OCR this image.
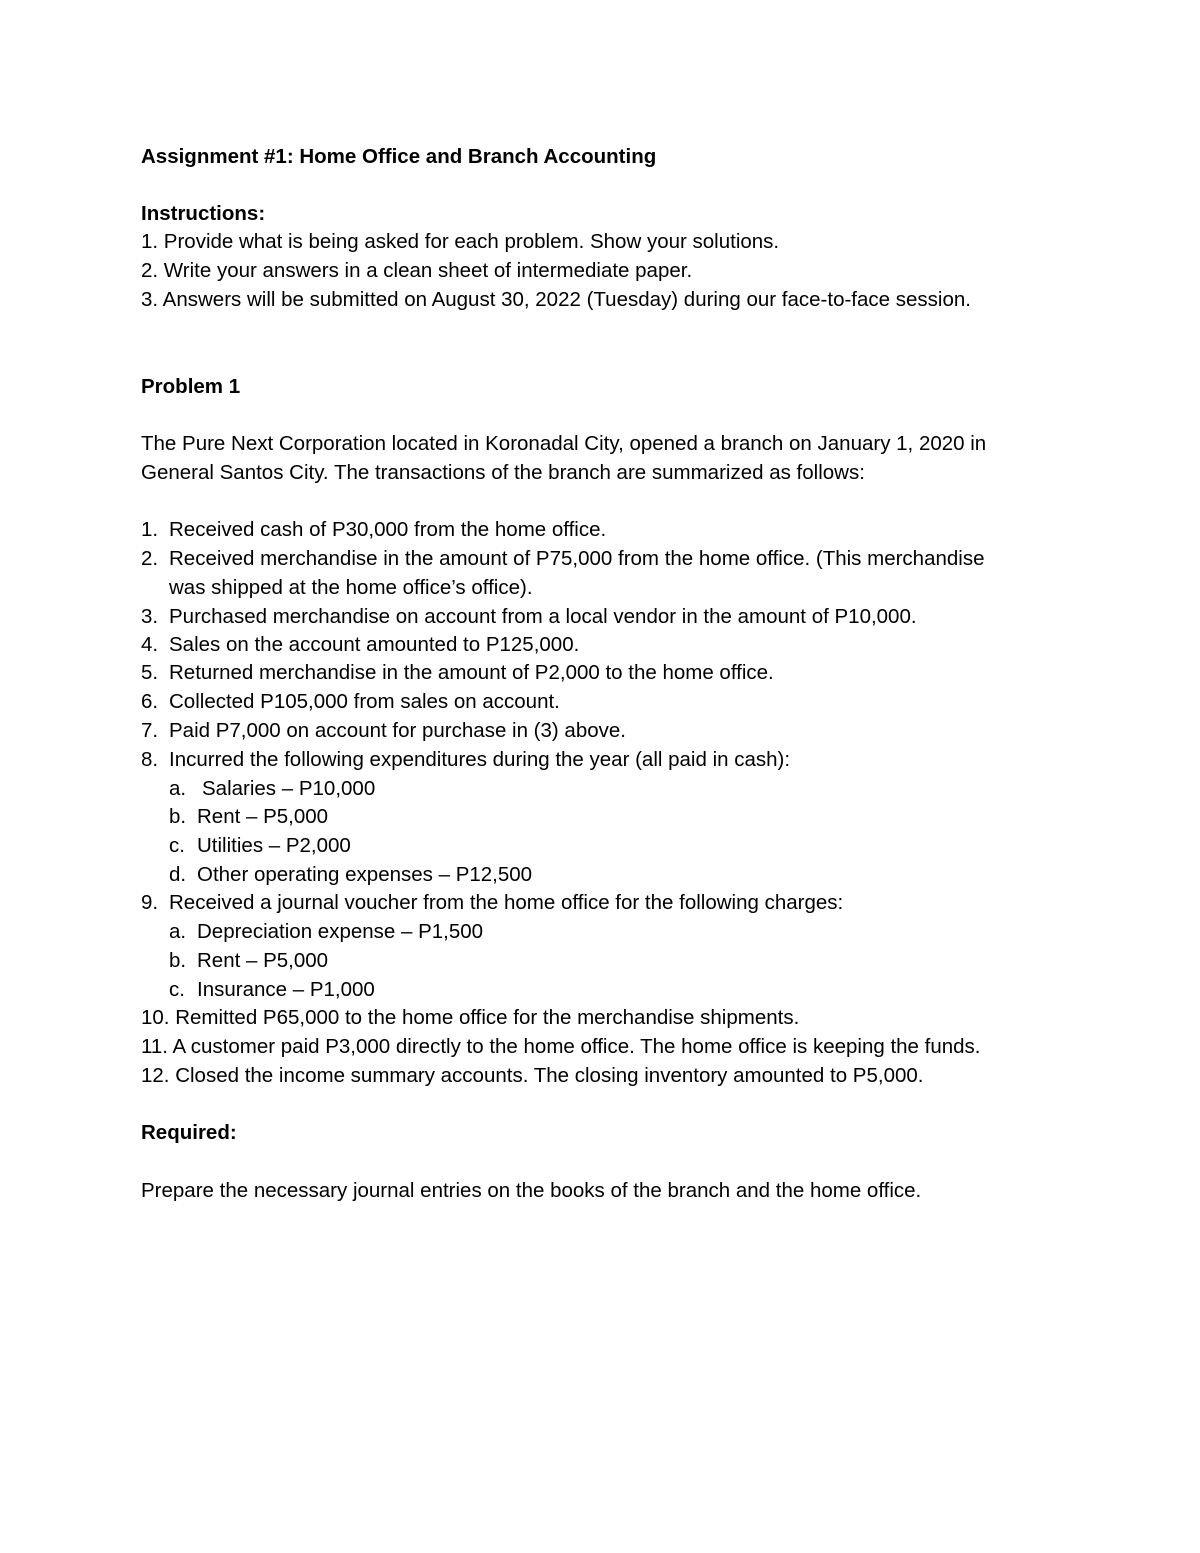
Assignment #1: Home Office and Branch Accounting

Instructions:

1. Provide what is being asked for each problem. Show your solutions.

2. Write your answers in a clean sheet of intermediate paper.

3. Answers will be submitted on August 30, 2022 (Tuesday) during our face-to-face session.

Problem 1

The Pure Next Corporation located in Koronadal City, opened a branch on January 1, 2020 in

General Santos City. The transactions of the branch are summarized as follows:

1. Received cash of P30,000 from the home office.
2. Received merchandise in the amount of P75,000 from the home office. (This merchandise
was shipped at the home office’s office).
3. Purchased merchandise on account from a local vendor in the amount of P10,000.
4. Sales on the account amounted to P125,000.
5. Returned merchandise in the amount of P2,000 to the home office.
6. Collected P105,000 from sales on account.
7. Paid P7,000 on account for purchase in (3) above.
8. Incurred the following expenditures during the year (all paid in cash):
a. Salaries – P10,000
b. Rent – P5,000
c. Utilities – P2,000
d. Other operating expenses – P12,500
9. Received a journal voucher from the home office for the following charges:
a. Depreciation expense – P1,500
b. Rent – P5,000
c. Insurance – P1,000

10. Remitted P65,000 to the home office for the merchandise shipments.

11. A customer paid P3,000 directly to the home office. The home office is keeping the funds.

12. Closed the income summary accounts. The closing inventory amounted to P5,000.

Required:

Prepare the necessary journal entries on the books of the branch and the home office.
